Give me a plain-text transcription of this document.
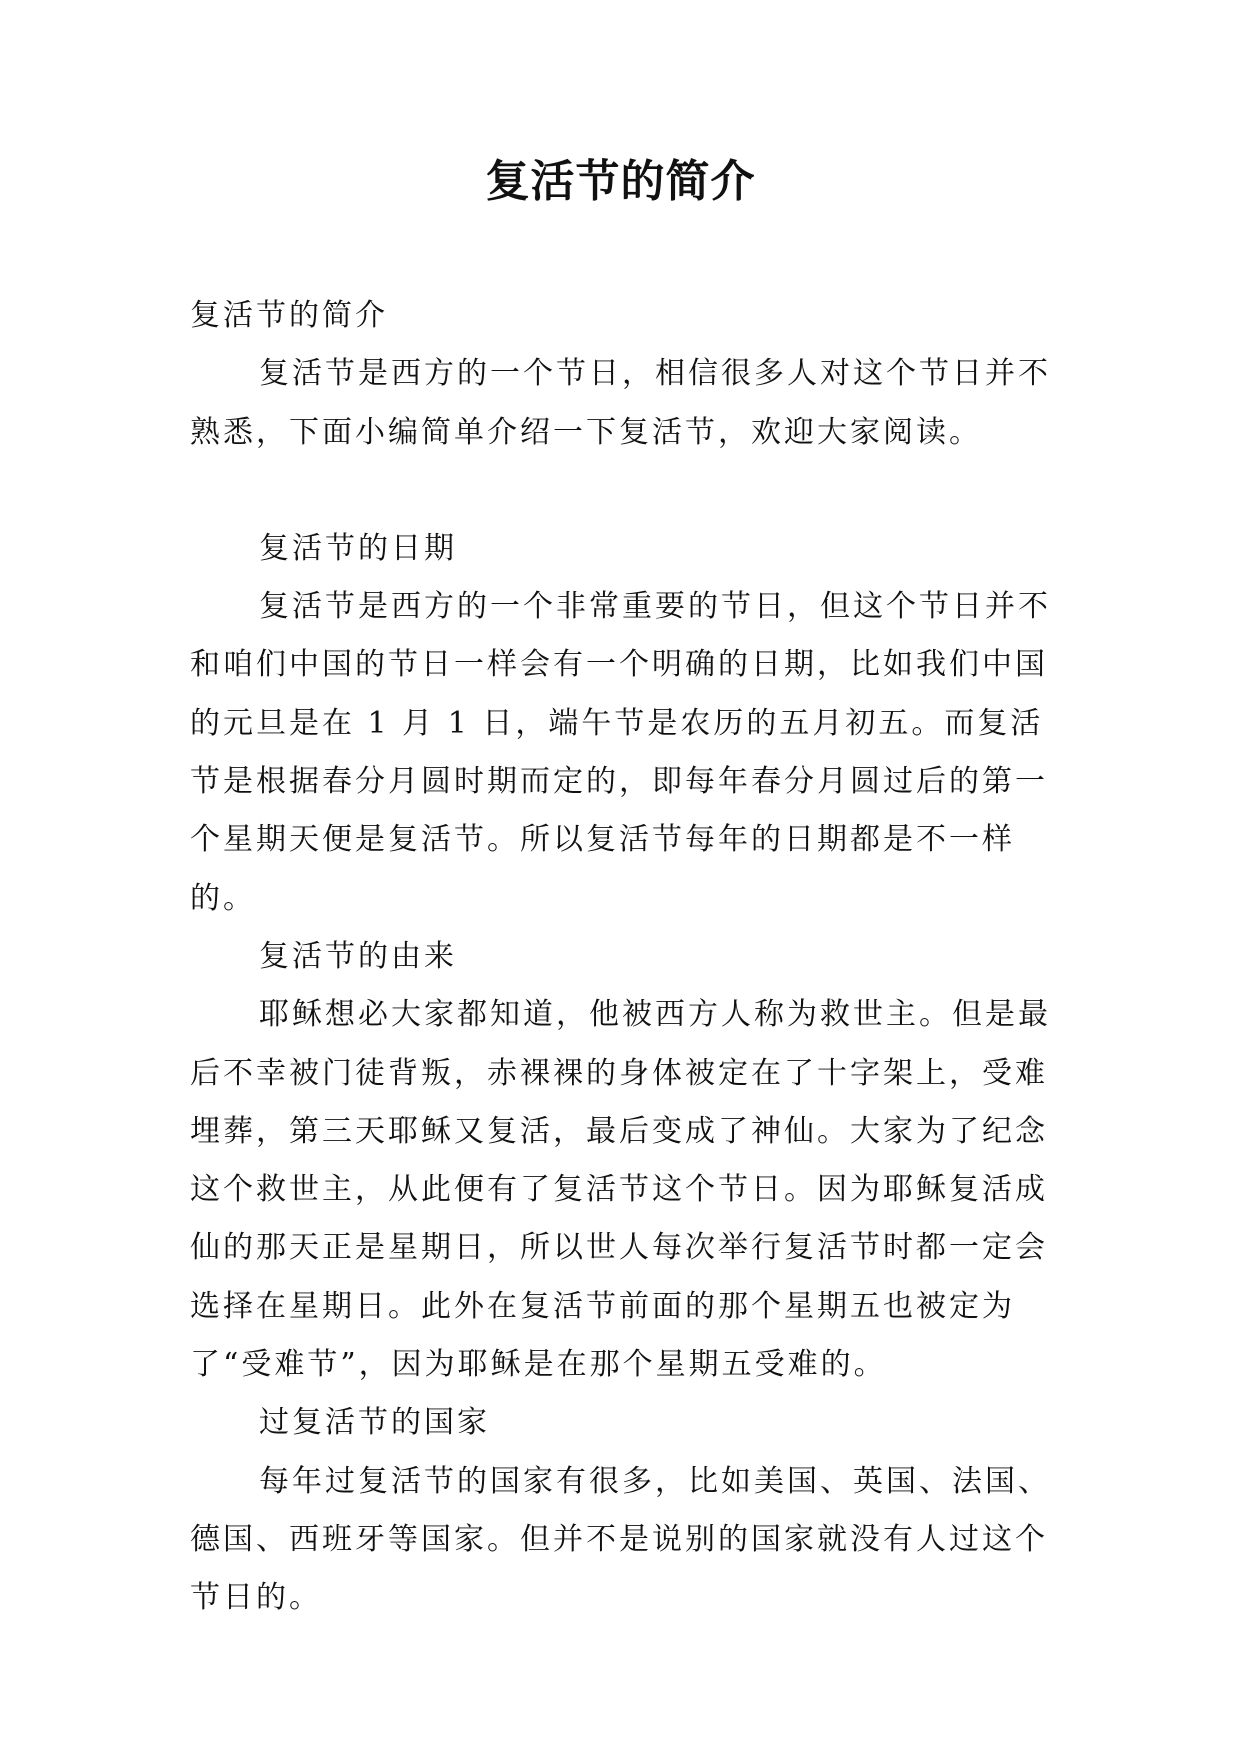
复活节的简介

复活节的简介

复活节是西方的一个节日，相信很多人对这个节日并不熟悉，下面小编简单介绍一下复活节，欢迎大家阅读。

复活节的日期

复活节是西方的一个非常重要的节日，但这个节日并不和咱们中国的节日一样会有一个明确的日期，比如我们中国的元旦是在 1 月 1 日，端午节是农历的五月初五。而复活节是根据春分月圆时期而定的，即每年春分月圆过后的第一个星期天便是复活节。所以复活节每年的日期都是不一样的。

复活节的由来

耶稣想必大家都知道，他被西方人称为救世主。但是最后不幸被门徒背叛，赤裸裸的身体被定在了十字架上，受难埋葬，第三天耶稣又复活，最后变成了神仙。大家为了纪念这个救世主，从此便有了复活节这个节日。因为耶稣复活成仙的那天正是星期日，所以世人每次举行复活节时都一定会选择在星期日。此外在复活节前面的那个星期五也被定为了“受难节”，因为耶稣是在那个星期五受难的。

过复活节的国家

每年过复活节的国家有很多，比如美国、英国、法国、德国、西班牙等国家。但并不是说别的国家就没有人过这个节日的。
